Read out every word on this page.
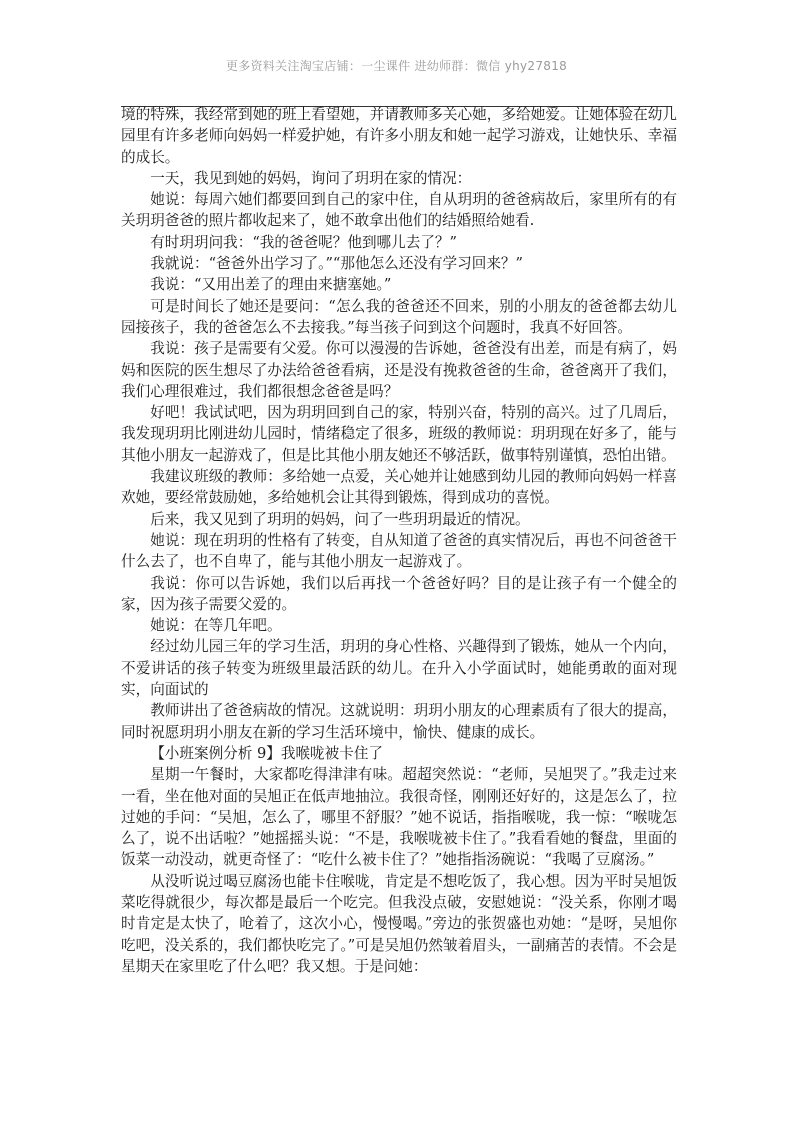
更多资料关注淘宝店铺：一尘课件 进幼师群：微信 yhy27818

境的特殊，我经常到她的班上看望她，并请教师多关心她，多给她爱。让她体验在幼儿园里有许多老师向妈妈一样爱护她，有许多小朋友和她一起学习游戏，让她快乐、幸福的成长。

一天，我见到她的妈妈，询问了玥玥在家的情况：

她说：每周六她们都要回到自己的家中住，自从玥玥的爸爸病故后，家里所有的有关玥玥爸爸的照片都收起来了，她不敢拿出他们的结婚照给她看.

有时玥玥问我：“我的爸爸呢？他到哪儿去了？”

我就说：“爸爸外出学习了。”“那他怎么还没有学习回来？”

我说：“又用出差了的理由来搪塞她。”

可是时间长了她还是要问：“怎么我的爸爸还不回来，别的小朋友的爸爸都去幼儿园接孩子，我的爸爸怎么不去接我。”每当孩子问到这个问题时，我真不好回答。

我说：孩子是需要有父爱。你可以漫漫的告诉她，爸爸没有出差，而是有病了，妈妈和医院的医生想尽了办法给爸爸看病，还是没有挽救爸爸的生命，爸爸离开了我们，我们心理很难过，我们都很想念爸爸是吗？

好吧！我试试吧，因为玥玥回到自己的家，特别兴奋，特别的高兴。过了几周后，我发现玥玥比刚进幼儿园时，情绪稳定了很多，班级的教师说：玥玥现在好多了，能与其他小朋友一起游戏了，但是比其他小朋友她还不够活跃，做事特别谨慎，恐怕出错。

我建议班级的教师：多给她一点爱，关心她并让她感到幼儿园的教师向妈妈一样喜欢她，要经常鼓励她，多给她机会让其得到锻炼，得到成功的喜悦。

后来，我又见到了玥玥的妈妈，问了一些玥玥最近的情况。

她说：现在玥玥的性格有了转变，自从知道了爸爸的真实情况后，再也不问爸爸干什么去了，也不自卑了，能与其他小朋友一起游戏了。

我说：你可以告诉她，我们以后再找一个爸爸好吗？目的是让孩子有一个健全的家，因为孩子需要父爱的。

她说：在等几年吧。

经过幼儿园三年的学习生活，玥玥的身心性格、兴趣得到了锻炼，她从一个内向，不爱讲话的孩子转变为班级里最活跃的幼儿。在升入小学面试时，她能勇敢的面对现实，向面试的

教师讲出了爸爸病故的情况。这就说明：玥玥小朋友的心理素质有了很大的提高，同时祝愿玥玥小朋友在新的学习生活环境中，愉快、健康的成长。

【小班案例分析 9】我喉咙被卡住了

星期一午餐时，大家都吃得津津有味。超超突然说：“老师，吴旭哭了。”我走过来一看，坐在他对面的吴旭正在低声地抽泣。我很奇怪，刚刚还好好的，这是怎么了，拉过她的手问：“吴旭，怎么了，哪里不舒服？”她不说话，指指喉咙，我一惊：“喉咙怎么了，说不出话啦？”她摇摇头说：“不是，我喉咙被卡住了。”我看看她的餐盘，里面的饭菜一动没动，就更奇怪了：“吃什么被卡住了？”她指指汤碗说：“我喝了豆腐汤。”

从没听说过喝豆腐汤也能卡住喉咙，肯定是不想吃饭了，我心想。因为平时吴旭饭菜吃得就很少，每次都是最后一个吃完。但我没点破，安慰她说：“没关系，你刚才喝时肯定是太快了，呛着了，这次小心，慢慢喝。”旁边的张贺盛也劝她：“是呀，吴旭你吃吧，没关系的，我们都快吃完了。”可是吴旭仍然皱着眉头，一副痛苦的表情。不会是星期天在家里吃了什么吧？我又想。于是问她：
